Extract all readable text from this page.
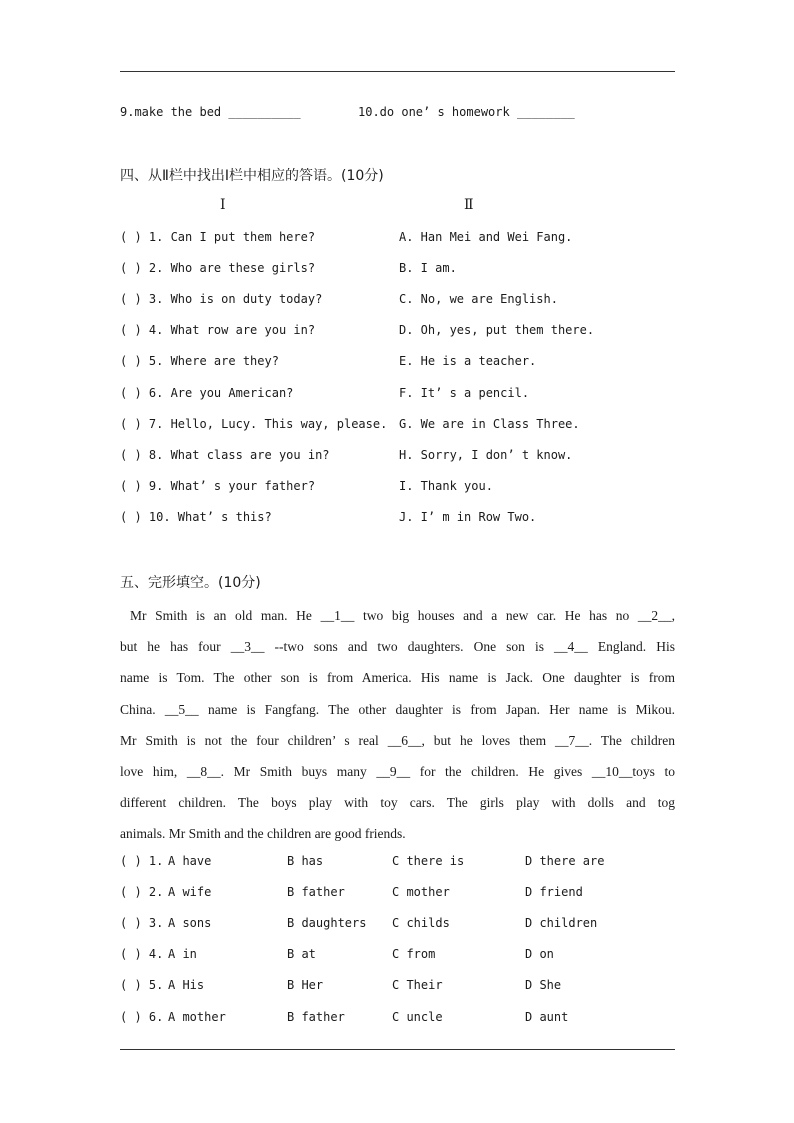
9.make the bed __________	10.do one’ s homework ________
四、从Ⅱ栏中找出Ⅰ栏中相应的答语。(10分)
Ⅰ	Ⅱ
( ) 1. Can I put them here?	A. Han Mei and Wei Fang.
( ) 2. Who are these girls?	B. I am.
( ) 3. Who is on duty today?	C. No, we are English.
( ) 4. What row are you in?	D. Oh, yes, put them there.
( ) 5. Where are they?	E. He is a teacher.
( ) 6. Are you American?	F. It’ s a pencil.
( ) 7. Hello, Lucy. This way, please. G. We are in Class Three.
( ) 8. What class are you in?	H. Sorry, I don’ t know.
( ) 9. What’ s your father?	I. Thank you.
( ) 10. What’ s this?	J. I’ m in Row Two.
五、完形填空。(10分)
Mr Smith is an old man. He __1__ two big houses and a new car. He has no __2__,
but he has four __3__ --two sons and two daughters. One son is __4__ England. His
name is Tom. The other son is from America. His name is Jack. One daughter is from
China. __5__ name is Fangfang. The other daughter is from Japan. Her name is Mikou.
Mr Smith is not the four children’ s real __6__, but he loves them __7__. The children
love him, __8__. Mr Smith buys many __9__ for the children. He gives __10__toys to
different children. The boys play with toy cars. The girls play with dolls and tog
animals. Mr Smith and the children are good friends.
( ) 1. A have	B has	C there is	D there are
( ) 2. A wife	B father	C mother	D friend
( ) 3. A sons	B daughters C childs	D children
( ) 4. A in	B at	C from	D on
( ) 5. A His	B Her	C Their	D She
( ) 6. A mother	B father	C uncle	D aunt
